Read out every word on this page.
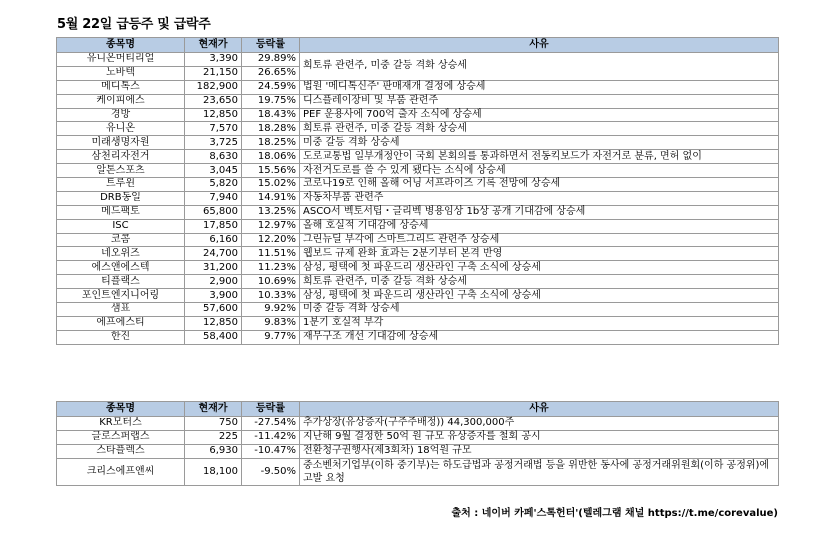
5월 22일 급등주 및 급락주
종목명	현재가	등락률	사유
유니온머티리얼	3,390	29.89%	희토류 관련주, 미중 갈등 격화 상승세
노바텍	21,150	26.65%	
메디톡스	182,900	24.59%	법원 '메디톡신주' 판매재개 결정에 상승세
케이피에스	23,650	19.75%	디스플레이장비 및 부품 관련주
경방	12,850	18.43%	PEF 운용사에 700억 출자 소식에 상승세
유니온	7,570	18.28%	희토류 관련주, 미중 갈등 격화 상승세
미래생명자원	3,725	18.25%	미중 갈등 격화 상승세
삼천리자전거	8,630	18.06%	도로교통법 일부개정안이 국회 본회의를 통과하면서 전동킥보드가 자전거로 분류, 면허 없이
알톤스포츠	3,045	15.56%	자전거도로를 쓸 수 있게 됐다는 소식에 상승세
트루윈	5,820	15.02%	코로나19로 인해 올해 어닝 서프라이즈 기록 전망에 상승세
DRB동일	7,940	14.91%	자동차부품 관련주
메드팩토	65,800	13.25%	ASCO서 벡토서팁・글리벡 병용임상 1b상 공개 기대감에 상승세
ISC	17,850	12.97%	올해 호실적 기대감에 상승세
코콤	6,160	12.20%	그린뉴딜 부각에 스마트그리드 관련주 상승세
네오위즈	24,700	11.51%	웹보드 규제 완화 효과는 2분기부터 본격 반영
에스앤에스텍	31,200	11.23%	삼성, 평택에 첫 파운드리 생산라인 구축 소식에 상승세
티플랙스	2,900	10.69%	희토류 관련주, 미중 갈등 격화 상승세
포인트엔지니어링	3,900	10.33%	삼성, 평택에 첫 파운드리 생산라인 구축 소식에 상승세
샘표	57,600	9.92%	미중 갈등 격화 상승세
에프에스티	12,850	9.83%	1분기 호실적 부각
한진	58,400	9.77%	재무구조 개선 기대감에 상승세
종목명	현재가	등락률	사유
KR모터스	750	-27.54%	추가상장(유상증자(구주주배정)) 44,300,000주
글로스퍼랩스	225	-11.42%	지난해 9월 결정한 50억 원 규모 유상증자를 철회 공시
스타플렉스	6,930	-10.47%	전환청구권행사(제3회차) 18억원 규모
크리스에프앤씨	18,100	-9.50%	중소벤처기업부(이하 중기부)는 하도급법과 공정거래법 등을 위반한 동사에 공정거래위원회(이하 공정위)에 고발 요청
출처 : 네이버 카페'스톡헌터'(텔레그램 채널 https://t.me/corevalue)
